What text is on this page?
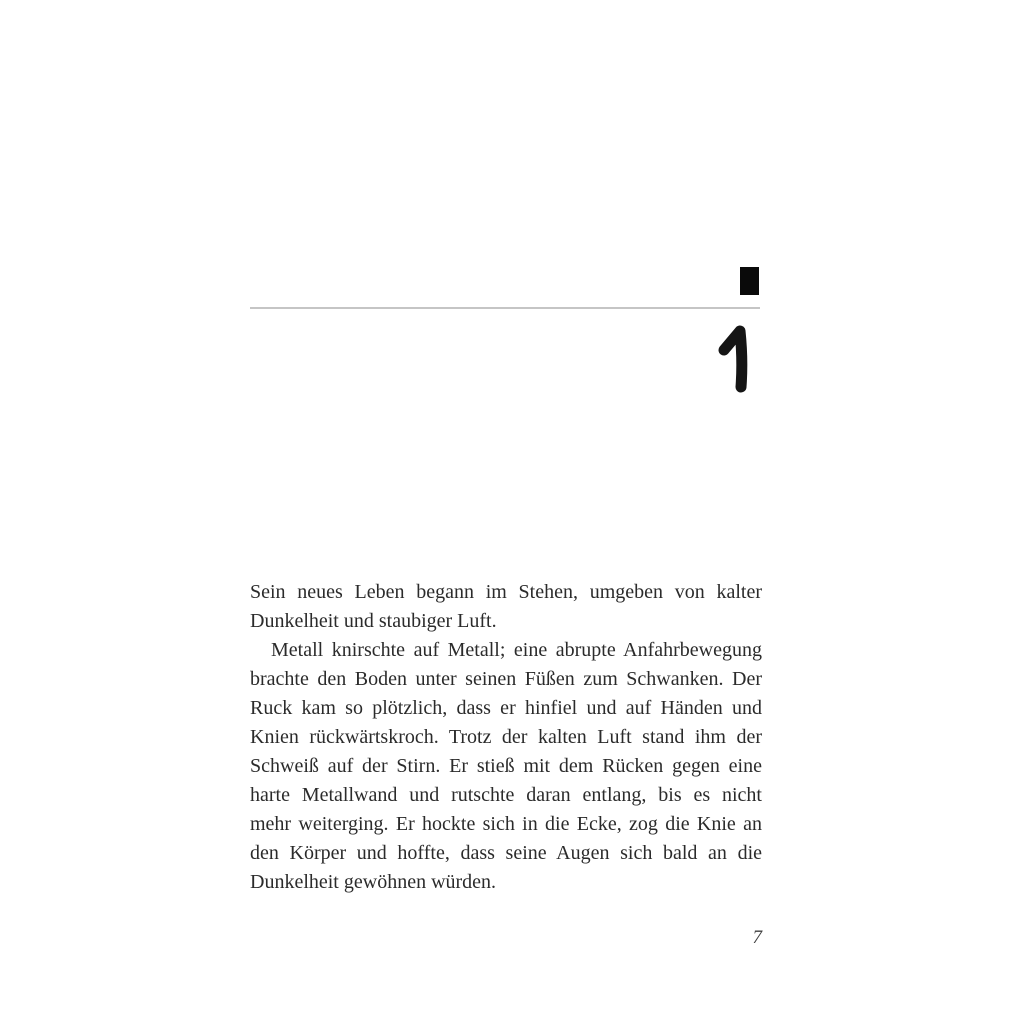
Sein neues Leben begann im Stehen, umgeben von kalter
Dunkelheit und staubiger Luft.
Metall knirschte auf Metall; eine abrupte Anfahrbewegung
brachte den Boden unter seinen Füßen zum Schwanken. Der
Ruck kam so plötzlich, dass er hinfiel und auf Händen und
Knien rückwärtskroch. Trotz der kalten Luft stand ihm der
Schweiß auf der Stirn. Er stieß mit dem Rücken gegen eine
harte Metallwand und rutschte daran entlang, bis es nicht
mehr weiterging. Er hockte sich in die Ecke, zog die Knie an
den Körper und hoffte, dass seine Augen sich bald an die
Dunkelheit gewöhnen würden.
7
